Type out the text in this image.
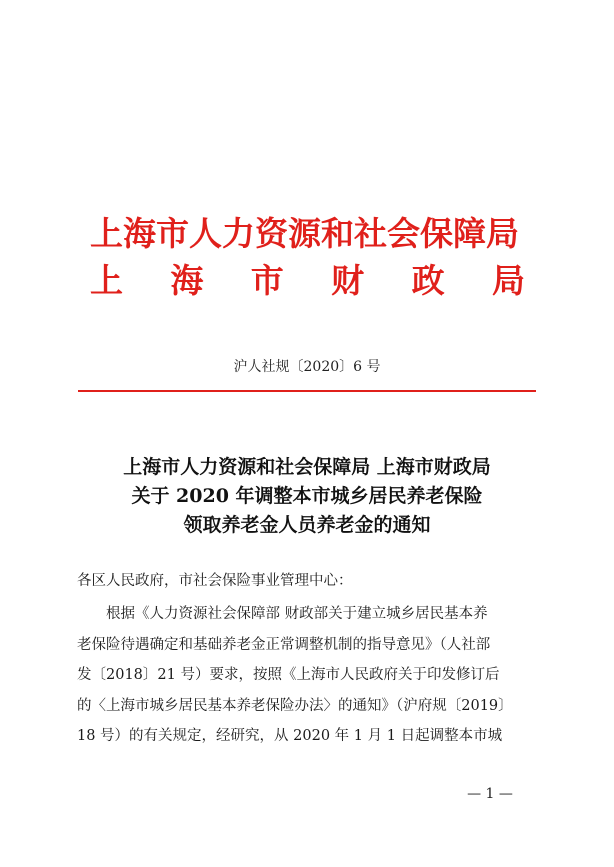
上海市人力资源和社会保障局
上 海 市 财 政 局
沪人社规〔2020〕6 号
上海市人力资源和社会保障局 上海市财政局
关于 2020 年调整本市城乡居民养老保险
领取养老金人员养老金的通知
各区人民政府，市社会保险事业管理中心：
根据《人力资源社会保障部 财政部关于建立城乡居民基本养
老保险待遇确定和基础养老金正常调整机制的指导意见》（人社部
发〔2018〕21 号）要求，按照《上海市人民政府关于印发修订后
的〈上海市城乡居民基本养老保险办法〉的通知》（沪府规〔2019〕
18 号）的有关规定，经研究，从 2020 年 1 月 1 日起调整本市城
— 1 —
